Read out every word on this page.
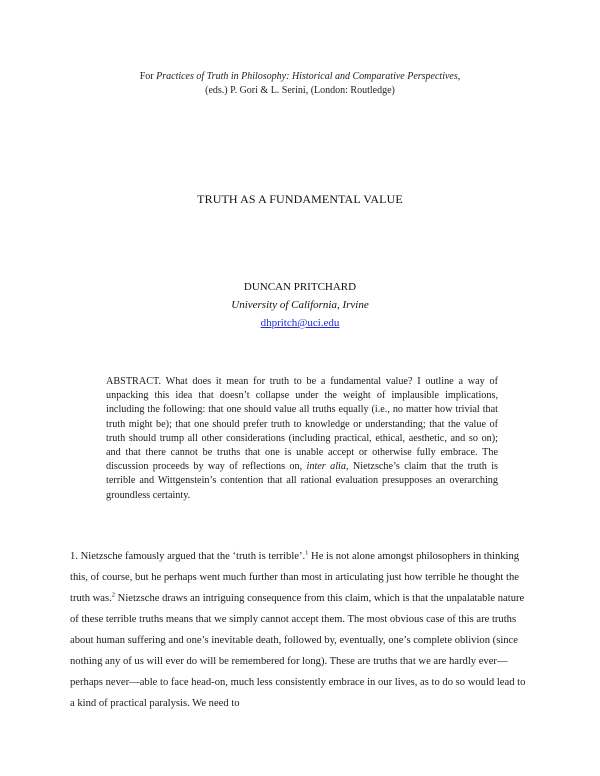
For Practices of Truth in Philosophy: Historical and Comparative Perspectives,
(eds.) P. Gori & L. Serini, (London: Routledge)
TRUTH AS A FUNDAMENTAL VALUE
DUNCAN PRITCHARD
University of California, Irvine
dhpritch@uci.edu
ABSTRACT. What does it mean for truth to be a fundamental value? I outline a way of unpacking this idea that doesn’t collapse under the weight of implausible implications, including the following: that one should value all truths equally (i.e., no matter how trivial that truth might be); that one should prefer truth to knowledge or understanding; that the value of truth should trump all other considerations (including practical, ethical, aesthetic, and so on); and that there cannot be truths that one is unable accept or otherwise fully embrace. The discussion proceeds by way of reflections on, inter alia, Nietzsche’s claim that the truth is terrible and Wittgenstein’s contention that all rational evaluation presupposes an overarching groundless certainty.
1. Nietzsche famously argued that the ‘truth is terrible’.$^1$ He is not alone amongst philosophers in thinking this, of course, but he perhaps went much further than most in articulating just how terrible he thought the truth was.$^2$ Nietzsche draws an intriguing consequence from this claim, which is that the unpalatable nature of these terrible truths means that we simply cannot accept them. The most obvious case of this are truths about human suffering and one’s inevitable death, followed by, eventually, one’s complete oblivion (since nothing any of us will ever do will be remembered for long). These are truths that we are hardly ever—perhaps never—able to face head-on, much less consistently embrace in our lives, as to do so would lead to a kind of practical paralysis. We need to
